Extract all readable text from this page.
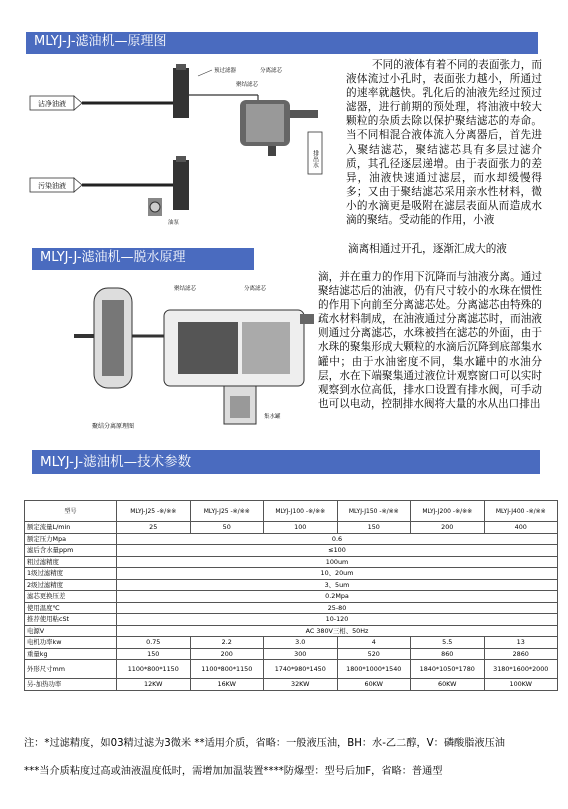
MLYJ-J-滤油机—原理图
沾净油液
污染油液
排出水
预过滤器	分离滤芯
聚结滤芯
油泵
不同的液体有着不同的表面张力，而液体流过小孔时，表面张力越小，所通过的速率就越快。乳化后的油液先经过预过滤器，进行前期的预处理，将油液中较大颗粒的杂质去除以保护聚结滤芯的寿命。当不同相混合液体流入分离器后，首先进入聚结滤芯，聚结滤芯具有多层过滤介质，其孔径逐层递增。由于表面张力的差异，油液快速通过滤层，而水却缓慢得多；又由于聚结滤芯采用亲水性材料，微小的水滴更是吸附在滤层表面从而造成水滴的聚结。受动能的作用，小液
MLYJ-J-滤油机—脱水原理
滴离相通过开孔，逐渐汇成大的液
聚结滤芯	分离滤芯
集水罐
聚结分离原理图
滴，并在重力的作用下沉降而与油液分离。通过聚结滤芯后的油液，仍有尺寸较小的水珠在惯性的作用下向前至分离滤芯处。分离滤芯由特殊的疏水材料制成，在油液通过分离滤芯时，而油液则通过分离滤芯，水珠被挡在滤芯的外面，由于水珠的聚集形成大颗粒的水滴后沉降到底部集水罐中；由于水油密度不同，集水罐中的水油分层，水在下端聚集通过液位计观察窗口可以实时观察到水位高低，排水口设置有排水阀，可手动也可以电动，控制排水阀将大量的水从出口排出
MLYJ-J-滤油机—技术参数
型号	MLYJ-J25 -※/※※	MLYJ-J25 -※/※※	MLYJ-J100 -※/※※	MLYJ-J150 -※/※※	MLYJ-J200 -※/※※	MLYJ-J400 -※/※※
额定流量L/min	25	50	100	150	200	400
额定压力Mpa	0.6					
滤后含水量ppm	≤100					
粗过滤精度	100um					
1级过滤精度	10、20um					
2级过滤精度	3、5um					
滤芯更换压差	0.2Mpa					
使用温度℃	25-80					
推荐使用粘cSt	10-120					
电源V	AC 380V三相、50Hz					
电机功率kw	0.75	2.2	3.0	4	5.5	13
重量kg	150	200	300	520	860	2860
外形尺寸mm	1100*800*1150	1100*800*1150	1740*980*1450	1800*1000*1540	1840*1050*1780	3180*1600*2000
另-加热功率	12KW	16KW	32KW	60KW	60KW	100KW
注：*过滤精度，如03精过滤为3微米 **适用介质，省略：一般液压油，BH：水-乙二醇，V：磷酸脂液压油
***当介质粘度过高或油液温度低时，需增加加温装置****防爆型：型号后加F，省略：普通型
